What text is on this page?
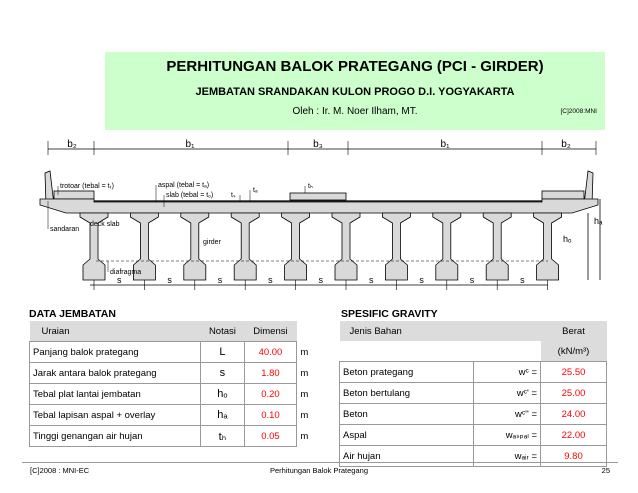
PERHITUNGAN BALOK PRATEGANG (PCI - GIRDER)
JEMBATAN SRANDAKAN KULON PROGO D.I. YOGYAKARTA
Oleh : Ir. M. Noer Ilham, MT.	[C]2008:MNI
b₂	b₁	b₃	b₁	b₂
s	s	s	s	s	s	s	s	s
hₐ
hₒ
trotoar (tebal = tₜ)	aspal (tebal = tₐ)
slab (tebal = tₒ)	tₛ
tₐ
tₕ
deck slab
sandaran
girder
diafragma
DATA JEMBATAN
Uraian	Notasi	Dimensi	
Panjang balok prategang	L	40.00	m
Jarak antara balok prategang	s	1.80	m
Tebal plat lantai jembatan	hₒ	0.20	m
Tebal lapisan aspal + overlay	hₐ	0.10	m
Tinggi genangan air hujan	tₕ	0.05	m
SPESIFIC GRAVITY
Jenis Bahan		Berat
		(kN/m³)
Beton prategang	wᶜ =	25.50
Beton bertulang	wᶜ' =	25.00
Beton	wᶜ'' =	24.00
Aspal	wₐₛₚₐₗ =	22.00
Air hujan	wₐᵢᵣ =	9.80
[C]2008 : MNI-EC	Perhitungan Balok Prategang	25
